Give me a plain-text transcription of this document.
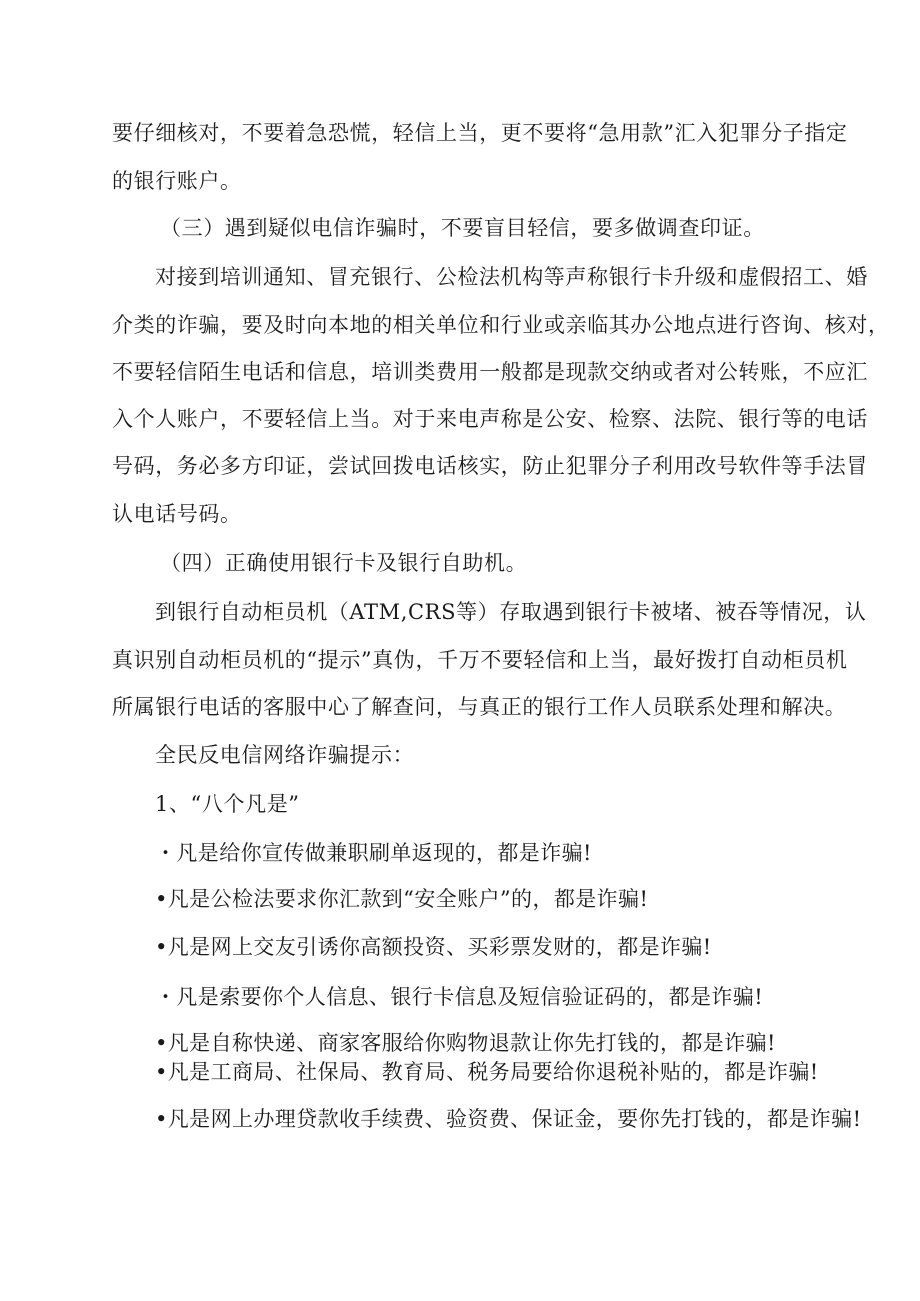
要仔细核对，不要着急恐慌，轻信上当，更不要将“急用款”汇入犯罪分子指定
的银行账户。
（三）遇到疑似电信诈骗时，不要盲目轻信，要多做调查印证。
对接到培训通知、冒充银行、公检法机构等声称银行卡升级和虚假招工、婚
介类的诈骗，要及时向本地的相关单位和行业或亲临其办公地点进行咨询、核对，
不要轻信陌生电话和信息，培训类费用一般都是现款交纳或者对公转账，不应汇
入个人账户，不要轻信上当。对于来电声称是公安、检察、法院、银行等的电话
号码，务必多方印证，尝试回拨电话核实，防止犯罪分子利用改号软件等手法冒
认电话号码。
（四）正确使用银行卡及银行自助机。
到银行自动柜员机（ATM,CRS等）存取遇到银行卡被堵、被吞等情况，认
真识别自动柜员机的“提示”真伪，千万不要轻信和上当，最好拨打自动柜员机
所属银行电话的客服中心了解查问，与真正的银行工作人员联系处理和解决。
全民反电信网络诈骗提示：
1、“八个凡是”
・凡是给你宣传做兼职刷单返现的，都是诈骗!
•凡是公检法要求你汇款到“安全账户”的，都是诈骗!
•凡是网上交友引诱你高额投资、买彩票发财的，都是诈骗!
・凡是索要你个人信息、银行卡信息及短信验证码的，都是诈骗!
•凡是自称快递、商家客服给你购物退款让你先打钱的，都是诈骗!
•凡是工商局、社保局、教育局、税务局要给你退税补贴的，都是诈骗!
•凡是网上办理贷款收手续费、验资费、保证金，要你先打钱的，都是诈骗!
